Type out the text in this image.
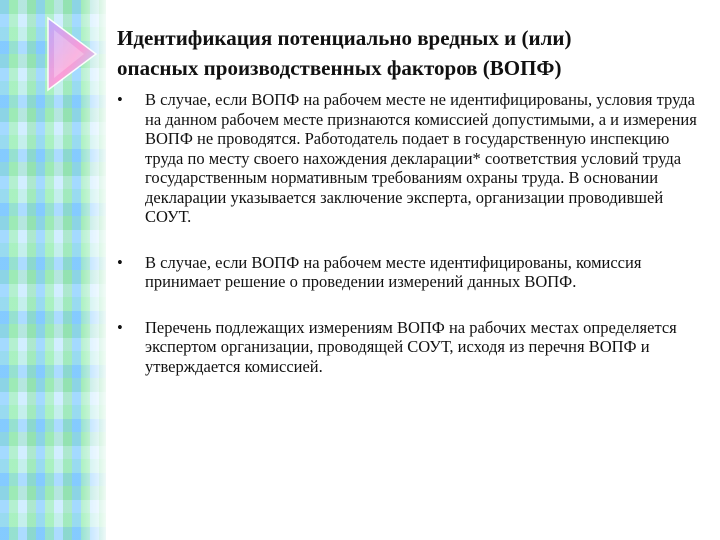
Идентификация потенциально вредных и (или)
опасных производственных факторов (ВОПФ)
•	В случае, если ВОПФ на рабочем месте не идентифицированы, условия труда на данном рабочем месте признаются комиссией допустимыми, а и измерения ВОПФ не проводятся. Работодатель подает в государственную инспекцию труда по месту своего нахождения декларации* соответствия условий труда государственным нормативным требованиям охраны труда. В основании декларации указывается заключение эксперта, организации проводившей СОУТ.
•	В случае, если ВОПФ на рабочем месте идентифицированы, комиссия принимает решение о проведении измерений данных ВОПФ.
•	Перечень подлежащих измерениям ВОПФ на рабочих местах определяется экспертом организации, проводящей СОУТ, исходя из перечня ВОПФ и утверждается комиссией.
